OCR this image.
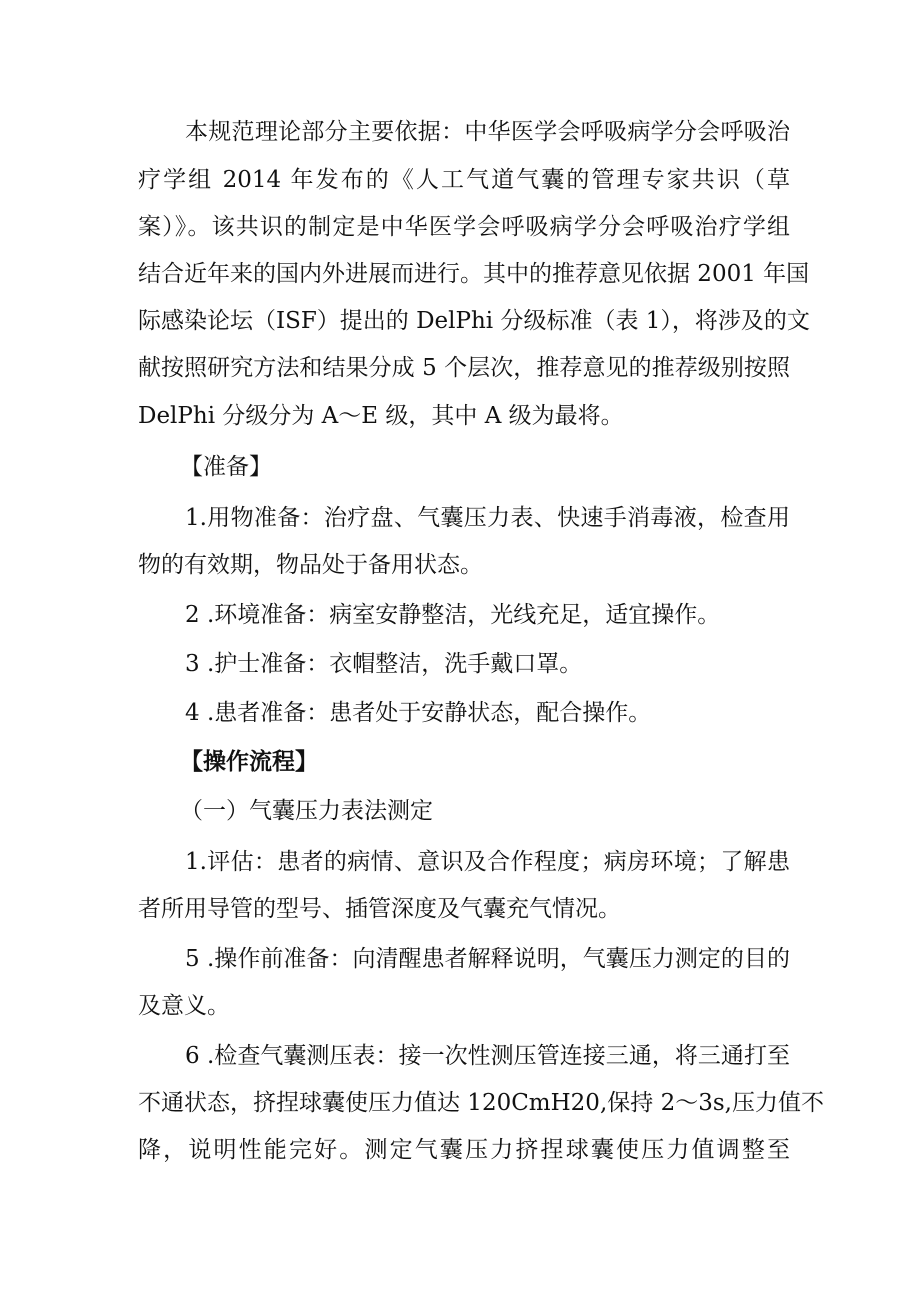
本规范理论部分主要依据：中华医学会呼吸病学分会呼吸治
疗学组 2014 年发布的《人工气道气囊的管理专家共识（草
案）》。该共识的制定是中华医学会呼吸病学分会呼吸治疗学组
结合近年来的国内外进展而进行。其中的推荐意见依据 2001 年国
际感染论坛（ISF）提出的 DelPhi 分级标准（表 1），将涉及的文
献按照研究方法和结果分成 5 个层次，推荐意见的推荐级别按照
DelPhi 分级分为 A～E 级，其中 A 级为最将。
【准备】
1.用物准备：治疗盘、气囊压力表、快速手消毒液，检查用
物的有效期，物品处于备用状态。
2 .环境准备：病室安静整洁，光线充足，适宜操作。
3 .护士准备：衣帽整洁，洗手戴口罩。
4 .患者准备：患者处于安静状态，配合操作。
【操作流程】
（一）气囊压力表法测定
1.评估：患者的病情、意识及合作程度；病房环境；了解患
者所用导管的型号、插管深度及气囊充气情况。
5 .操作前准备：向清醒患者解释说明，气囊压力测定的目的
及意义。
6 .检查气囊测压表：接一次性测压管连接三通，将三通打至
不通状态，挤捏球囊使压力值达 120CmH20,保持 2～3s,压力值不
降，说明性能完好。测定气囊压力挤捏球囊使压力值调整至
